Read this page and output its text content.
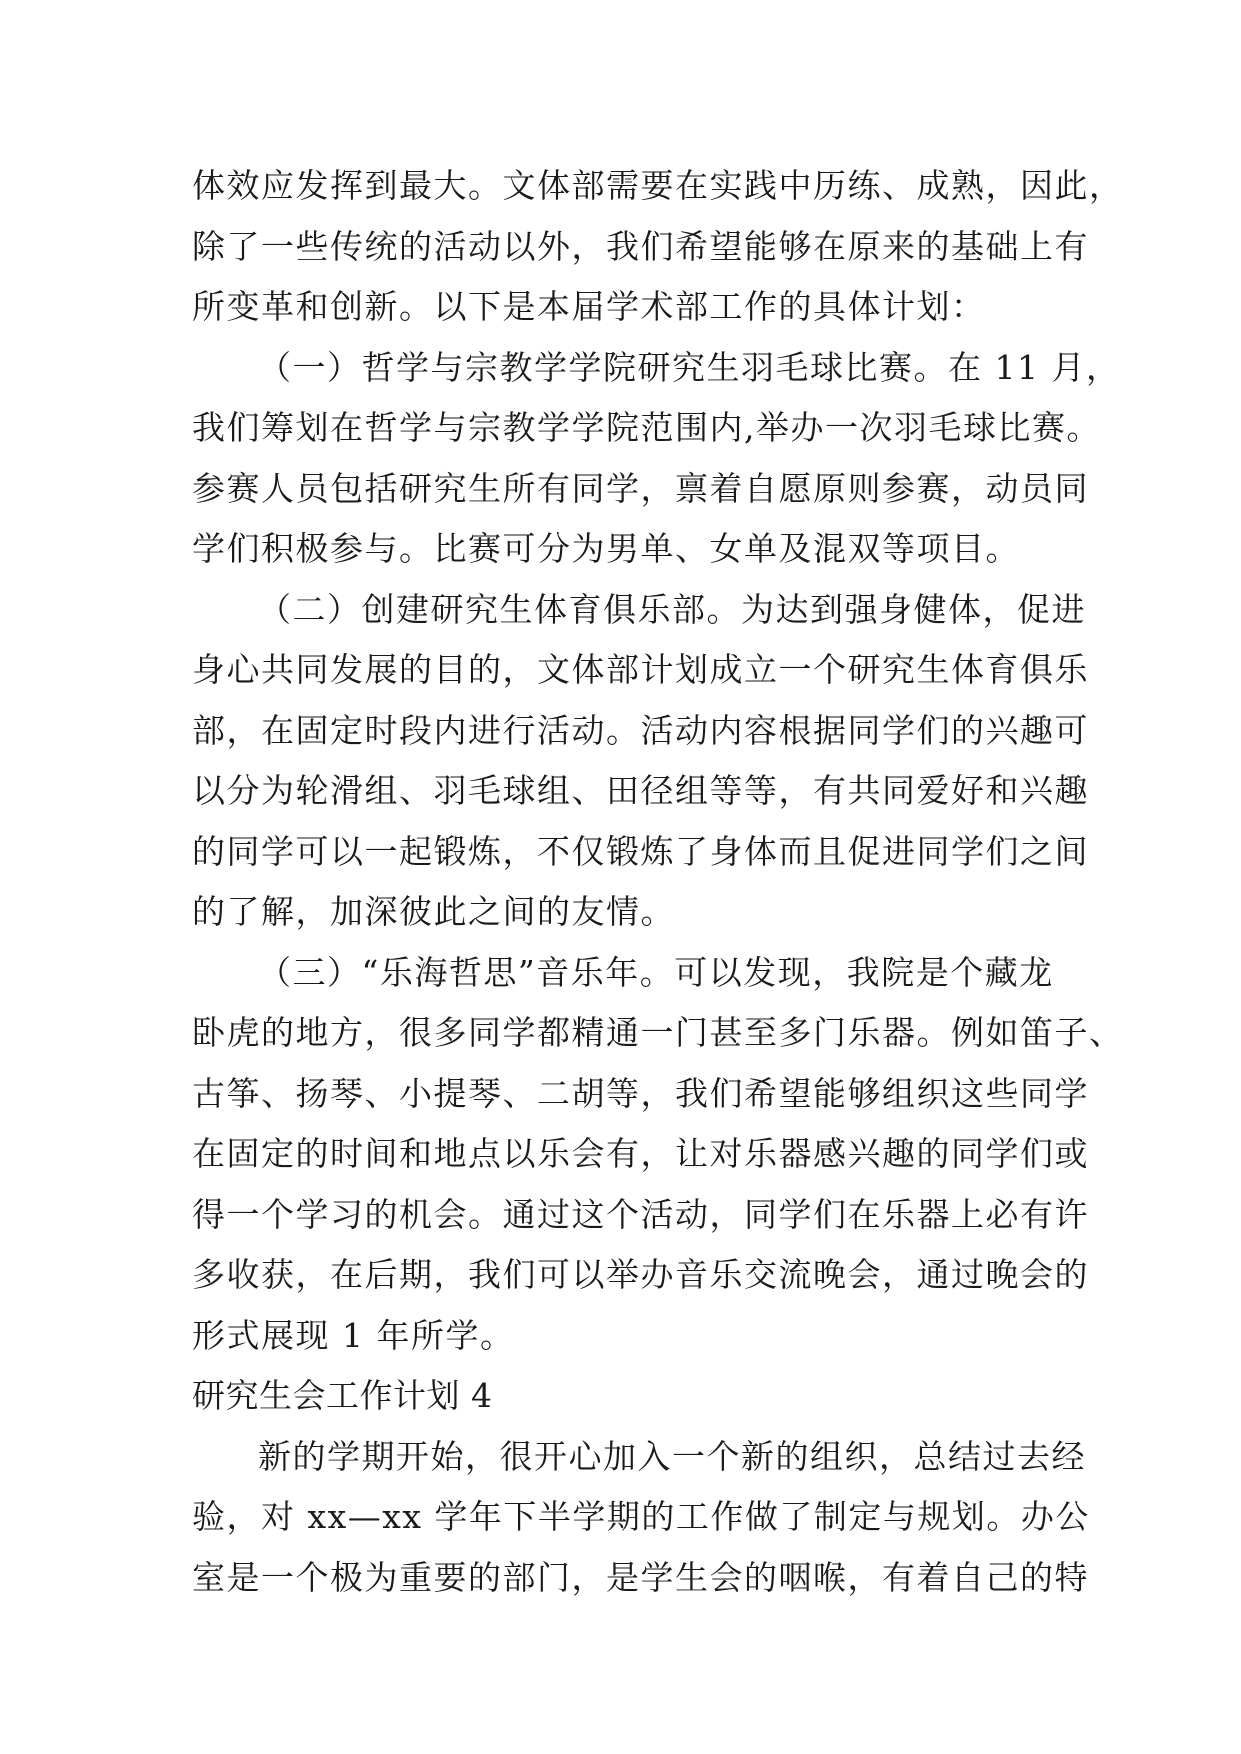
体效应发挥到最大。文体部需要在实践中历练、成熟，因此，
除了一些传统的活动以外，我们希望能够在原来的基础上有
所变革和创新。以下是本届学术部工作的具体计划：
（一）哲学与宗教学学院研究生羽毛球比赛。在 11 月，
我们筹划在哲学与宗教学学院范围内,举办一次羽毛球比赛。
参赛人员包括研究生所有同学，禀着自愿原则参赛，动员同
学们积极参与。比赛可分为男单、女单及混双等项目。
（二）创建研究生体育俱乐部。为达到强身健体，促进
身心共同发展的目的，文体部计划成立一个研究生体育俱乐
部，在固定时段内进行活动。活动内容根据同学们的兴趣可
以分为轮滑组、羽毛球组、田径组等等，有共同爱好和兴趣
的同学可以一起锻炼，不仅锻炼了身体而且促进同学们之间
的了解，加深彼此之间的友情。
（三）“乐海哲思”音乐年。可以发现，我院是个藏龙
卧虎的地方，很多同学都精通一门甚至多门乐器。例如笛子、
古筝、扬琴、小提琴、二胡等，我们希望能够组织这些同学
在固定的时间和地点以乐会有，让对乐器感兴趣的同学们或
得一个学习的机会。通过这个活动，同学们在乐器上必有许
多收获，在后期，我们可以举办音乐交流晚会，通过晚会的
形式展现 1 年所学。
研究生会工作计划 4
新的学期开始，很开心加入一个新的组织，总结过去经
验，对 xx—xx 学年下半学期的工作做了制定与规划。办公
室是一个极为重要的部门，是学生会的咽喉，有着自己的特
